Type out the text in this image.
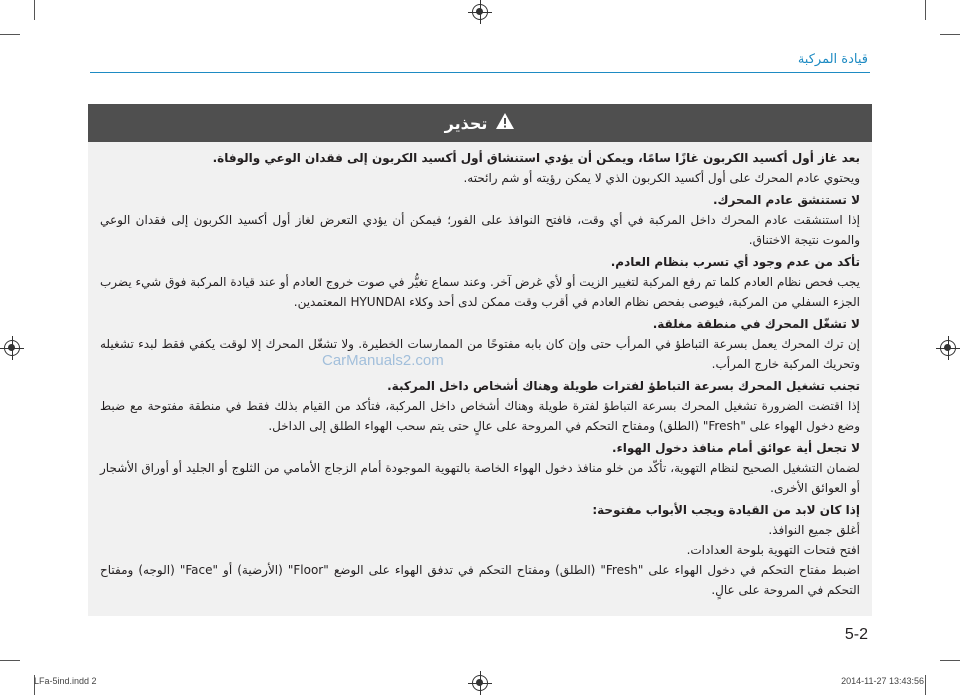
قيادة المركبة
تحذير

بعد غاز أول أكسيد الكربون غازًا سامًا، ويمكن أن يؤدي استنشاق أول أكسيد الكربون إلى فقدان الوعي والوفاة.

ويحتوي عادم المحرك على أول أكسيد الكربون الذي لا يمكن رؤيته أو شم رائحته.

لا تستنشق عادم المحرك.

إذا استنشقت عادم المحرك داخل المركبة في أي وقت، فافتح النوافذ على الفور؛ فيمكن أن يؤدي التعرض لغاز أول أكسيد الكربون إلى فقدان الوعي والموت نتيجة الاختناق.

تأكد من عدم وجود أي تسرب بنظام العادم.

يجب فحص نظام العادم كلما تم رفع المركبة لتغيير الزيت أو لأي غرض آخر. وعند سماع تغيُّر في صوت خروج العادم أو عند قيادة المركبة فوق شيء يضرب الجزء السفلي من المركبة، فيوصى بفحص نظام العادم في أقرب وقت ممكن لدى أحد وكلاء HYUNDAI المعتمدين.

لا تشغّل المحرك في منطقة مغلقة.

إن ترك المحرك يعمل بسرعة التباطؤ في المرأب حتى وإن كان بابه مفتوحًا من الممارسات الخطيرة. ولا تشغّل المحرك إلا لوقت يكفي فقط لبدء تشغيله وتحريك المركبة خارج المرأب.

تجنب تشغيل المحرك بسرعة التباطؤ لفترات طويلة وهناك أشخاص داخل المركبة.

إذا اقتضت الضرورة تشغيل المحرك بسرعة التباطؤ لفترة طويلة وهناك أشخاص داخل المركبة، فتأكد من القيام بذلك فقط في منطقة مفتوحة مع ضبط وضع دخول الهواء على "Fresh" (الطلق) ومفتاح التحكم في المروحة على عالٍ حتى يتم سحب الهواء الطلق إلى الداخل.

لا تجعل أية عوائق أمام منافذ دخول الهواء.

لضمان التشغيل الصحيح لنظام التهوية، تأكّد من خلو منافذ دخول الهواء الخاصة بالتهوية الموجودة أمام الزجاج الأمامي من الثلوج أو الجليد أو أوراق الأشجار أو العوائق الأخرى.

إذا كان لابد من القيادة ويجب الأبواب مفتوحة:

أغلق جميع النوافذ.

افتح فتحات التهوية بلوحة العدادات.

اضبط مفتاح التحكم في دخول الهواء على "Fresh" (الطلق) ومفتاح التحكم في تدفق الهواء على الوضع "Floor" (الأرضية) أو "Face" (الوجه) ومفتاح التحكم في المروحة على عالٍ.

CarManuals2.com
5-2
LFa-5ind.indd 2	2014-11-27 13:43:56
